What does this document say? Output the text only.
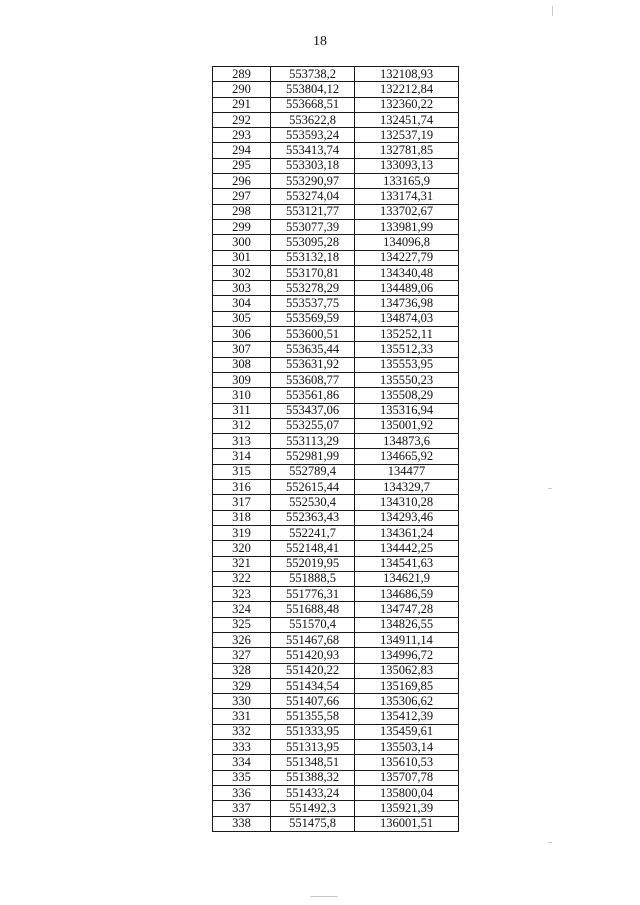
18
289	553738,2	132108,93
290	553804,12	132212,84
291	553668,51	132360,22
292	553622,8	132451,74
293	553593,24	132537,19
294	553413,74	132781,85
295	553303,18	133093,13
296	553290,97	133165,9
297	553274,04	133174,31
298	553121,77	133702,67
299	553077,39	133981,99
300	553095,28	134096,8
301	553132,18	134227,79
302	553170,81	134340,48
303	553278,29	134489,06
304	553537,75	134736,98
305	553569,59	134874,03
306	553600,51	135252,11
307	553635,44	135512,33
308	553631,92	135553,95
309	553608,77	135550,23
310	553561,86	135508,29
311	553437,06	135316,94
312	553255,07	135001,92
313	553113,29	134873,6
314	552981,99	134665,92
315	552789,4	134477
316	552615,44	134329,7
317	552530,4	134310,28
318	552363,43	134293,46
319	552241,7	134361,24
320	552148,41	134442,25
321	552019,95	134541,63
322	551888,5	134621,9
323	551776,31	134686,59
324	551688,48	134747,28
325	551570,4	134826,55
326	551467,68	134911,14
327	551420,93	134996,72
328	551420,22	135062,83
329	551434,54	135169,85
330	551407,66	135306,62
331	551355,58	135412,39
332	551333,95	135459,61
333	551313,95	135503,14
334	551348,51	135610,53
335	551388,32	135707,78
336	551433,24	135800,04
337	551492,3	135921,39
338	551475,8	136001,51
